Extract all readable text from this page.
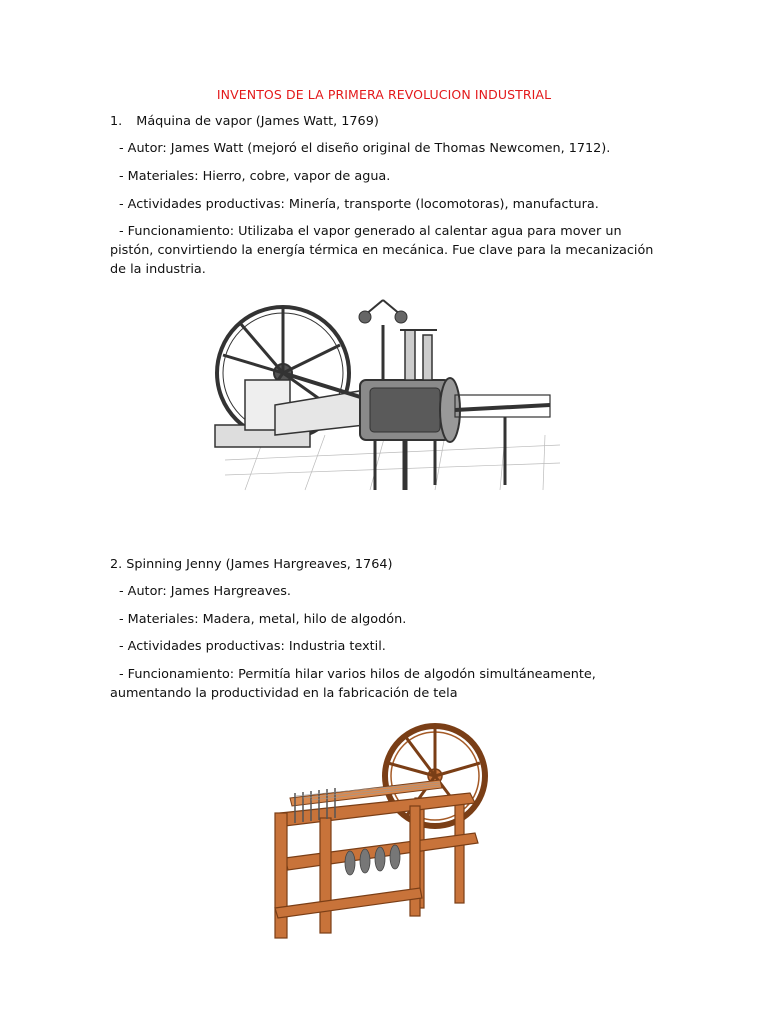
INVENTOS DE LA PRIMERA REVOLUCION INDUSTRIAL
1. Máquina de vapor (James Watt, 1769)
- Autor: James Watt (mejoró el diseño original de Thomas Newcomen, 1712).
- Materiales: Hierro, cobre, vapor de agua.
- Actividades productivas: Minería, transporte (locomotoras), manufactura.
- Funcionamiento: Utilizaba el vapor generado al calentar agua para mover un pistón, convirtiendo la energía térmica en mecánica. Fue clave para la mecanización de la industria.
2. Spinning Jenny (James Hargreaves, 1764)
- Autor: James Hargreaves.
- Materiales: Madera, metal, hilo de algodón.
- Actividades productivas: Industria textil.
- Funcionamiento: Permitía hilar varios hilos de algodón simultáneamente, aumentando la productividad en la fabricación de tela
